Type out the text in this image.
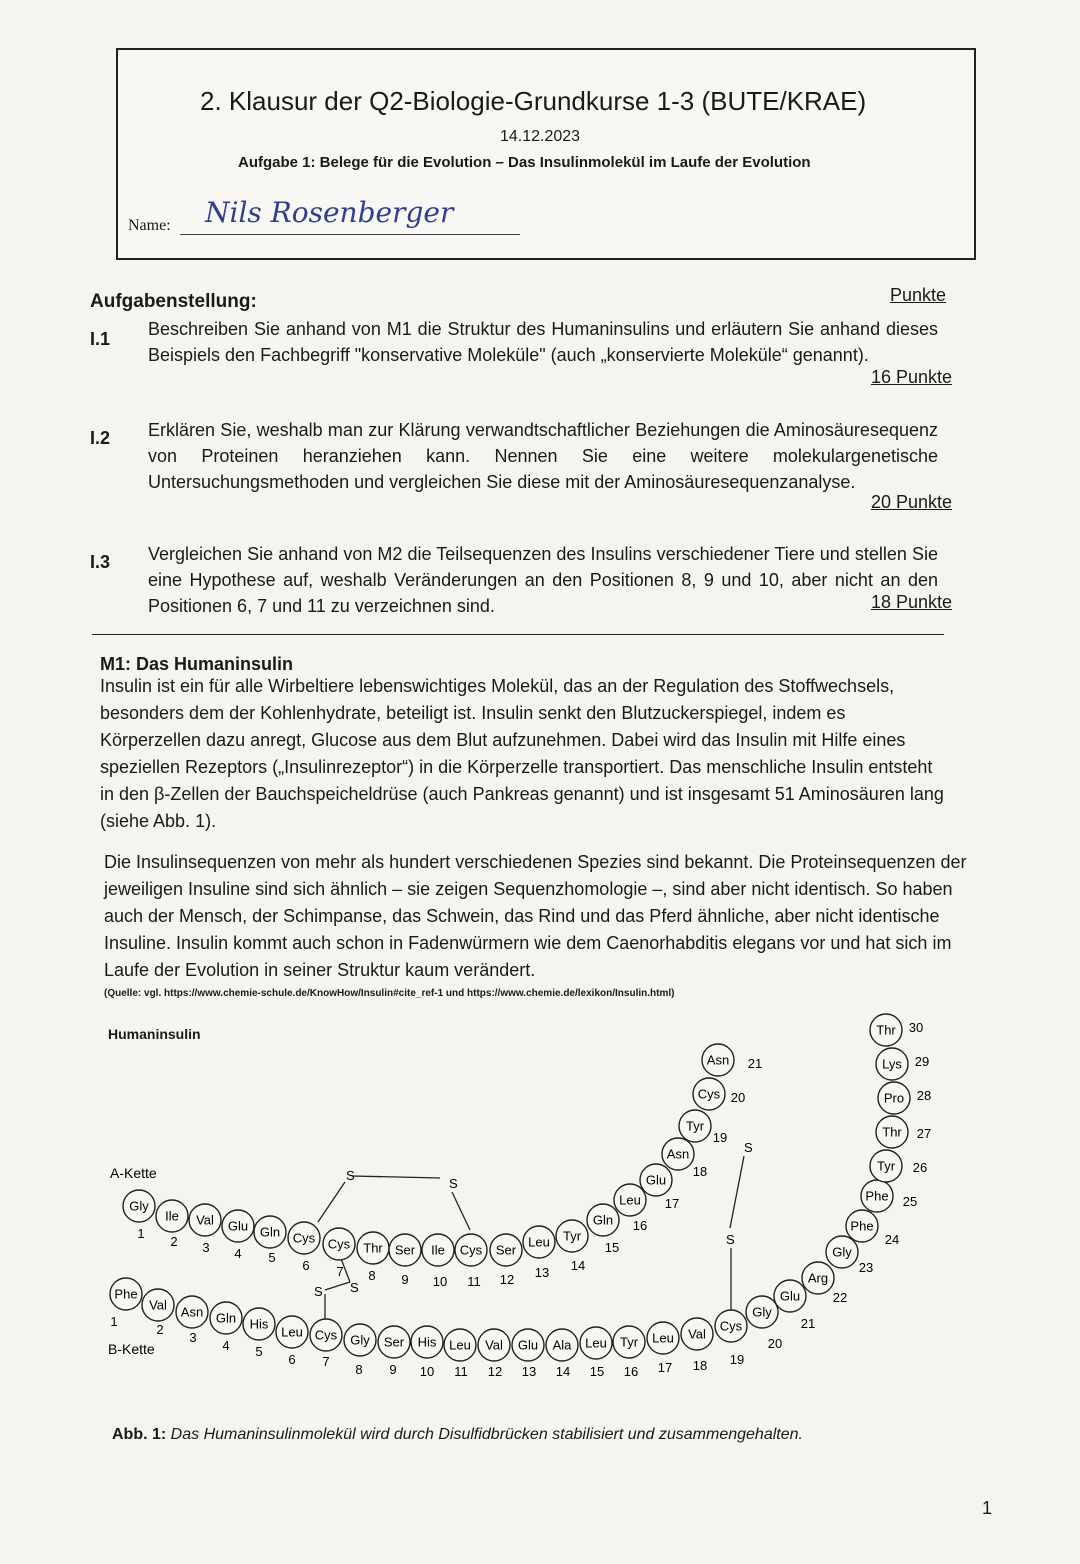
2. Klausur der Q2-Biologie-Grundkurse 1-3 (BUTE/KRAE)
14.12.2023
Aufgabe 1: Belege für die Evolution – Das Insulinmolekül im Laufe der Evolution
Name: Nils Rosenberger
Aufgabenstellung:	Punkte
I.1 Beschreiben Sie anhand von M1 die Struktur des Humaninsulins und erläutern Sie anhand dieses Beispiels den Fachbegriff "konservative Moleküle" (auch „konservierte Moleküle“ genannt).
16 Punkte
I.2 Erklären Sie, weshalb man zur Klärung verwandtschaftlicher Beziehungen die Aminosäuresequenz von Proteinen heranziehen kann. Nennen Sie eine weitere molekulargenetische Untersuchungsmethoden und vergleichen Sie diese mit der Aminosäuresequenzanalyse.
20 Punkte
I.3 Vergleichen Sie anhand von M2 die Teilsequenzen des Insulins verschiedener Tiere und stellen Sie eine Hypothese auf, weshalb Veränderungen an den Positionen 8, 9 und 10, aber nicht an den Positionen 6, 7 und 11 zu verzeichnen sind.	18 Punkte
M1: Das Humaninsulin
Insulin ist ein für alle Wirbeltiere lebenswichtiges Molekül, das an der Regulation des Stoffwechsels, besonders dem der Kohlenhydrate, beteiligt ist. Insulin senkt den Blutzuckerspiegel, indem es Körperzellen dazu anregt, Glucose aus dem Blut aufzunehmen. Dabei wird das Insulin mit Hilfe eines speziellen Rezeptors („Insulinrezeptor“) in die Körperzelle transportiert. Das menschliche Insulin entsteht in den β-Zellen der Bauchspeicheldrüse (auch Pankreas genannt) und ist insgesamt 51 Aminosäuren lang (siehe Abb. 1).
Die Insulinsequenzen von mehr als hundert verschiedenen Spezies sind bekannt. Die Proteinsequenzen der jeweiligen Insuline sind sich ähnlich – sie zeigen Sequenzhomologie –, sind aber nicht identisch. So haben auch der Mensch, der Schimpanse, das Schwein, das Rind und das Pferd ähnliche, aber nicht identische Insuline. Insulin kommt auch schon in Fadenwürmern wie dem Caenorhabditis elegans vor und hat sich im Laufe der Evolution in seiner Struktur kaum verändert.
(Quelle: vgl. https://www.chemie-schule.de/KnowHow/Insulin#cite_ref-1 und https://www.chemie.de/lexikon/Insulin.html)
Humaninsulin
A-Kette
B-Kette
S
S
S
S
S
S
Gly
1
Ile
2
Val
3
Glu
4
Gln
5
Cys
6
Cys
7
Thr
8
Ser
9
Ile
10
Cys
11
Ser
12
Leu
13
Tyr
14
Gln
15
Leu
16
Glu
17
Asn
18
Tyr
19
Cys 20
Asn 21
Phe
1
Val
2
Asn
3
Gln
4
His
5
Leu
6
Cys
7
Gly
8
Ser
9
His
10
Leu
11
Val
12
Glu
13
Ala
14
Leu
15
Tyr
16
Leu
17
Val
18
Cys
19
Gly
20
Glu
21
Arg
22
Gly
23
Phe
24
Phe 25
Tyr 26
Thr 27
Pro 28
Lys 29
Thr 30
Abb. 1: Das Humaninsulinmolekül wird durch Disulfidbrücken stabilisiert und zusammengehalten.
1
